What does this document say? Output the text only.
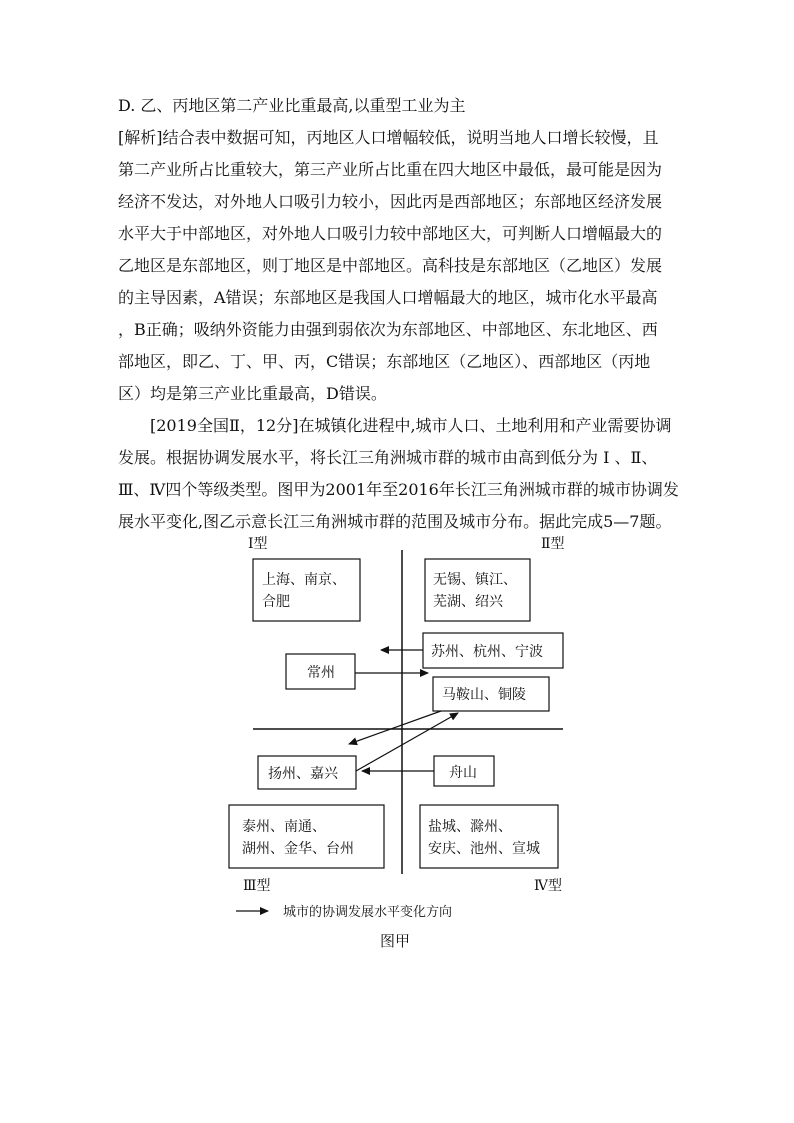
D. 乙、丙地区第二产业比重最高,以重型工业为主
[解析]结合表中数据可知，丙地区人口增幅较低，说明当地人口增长较慢，且
第二产业所占比重较大，第三产业所占比重在四大地区中最低，最可能是因为
经济不发达，对外地人口吸引力较小，因此丙是西部地区；东部地区经济发展
水平大于中部地区，对外地人口吸引力较中部地区大，可判断人口增幅最大的
乙地区是东部地区，则丁地区是中部地区。高科技是东部地区（乙地区）发展
的主导因素，A错误；东部地区是我国人口增幅最大的地区，城市化水平最高
，B正确；吸纳外资能力由强到弱依次为东部地区、中部地区、东北地区、西
部地区，即乙、丁、甲、丙，C错误；东部地区（乙地区）、西部地区（丙地
区）均是第三产业比重最高，D错误。
[2019全国Ⅱ，12分]在城镇化进程中,城市人口、土地利用和产业需要协调
发展。根据协调发展水平，将长江三角洲城市群的城市由高到低分为 Ⅰ 、Ⅱ、
Ⅲ、Ⅳ四个等级类型。图甲为2001年至2016年长江三角洲城市群的城市协调发
展水平变化,图乙示意长江三角洲城市群的范围及城市分布。据此完成5—7题。
Ⅰ型	Ⅱ型
Ⅲ型	Ⅳ型
上海、南京、
合肥
无锡、镇江、
芜湖、绍兴
苏州、杭州、宁波
常州
马鞍山、铜陵
扬州、嘉兴	舟山
泰州、南通、
湖州、金华、台州
盐城、滁州、
安庆、池州、宣城
城市的协调发展水平变化方向
图甲
